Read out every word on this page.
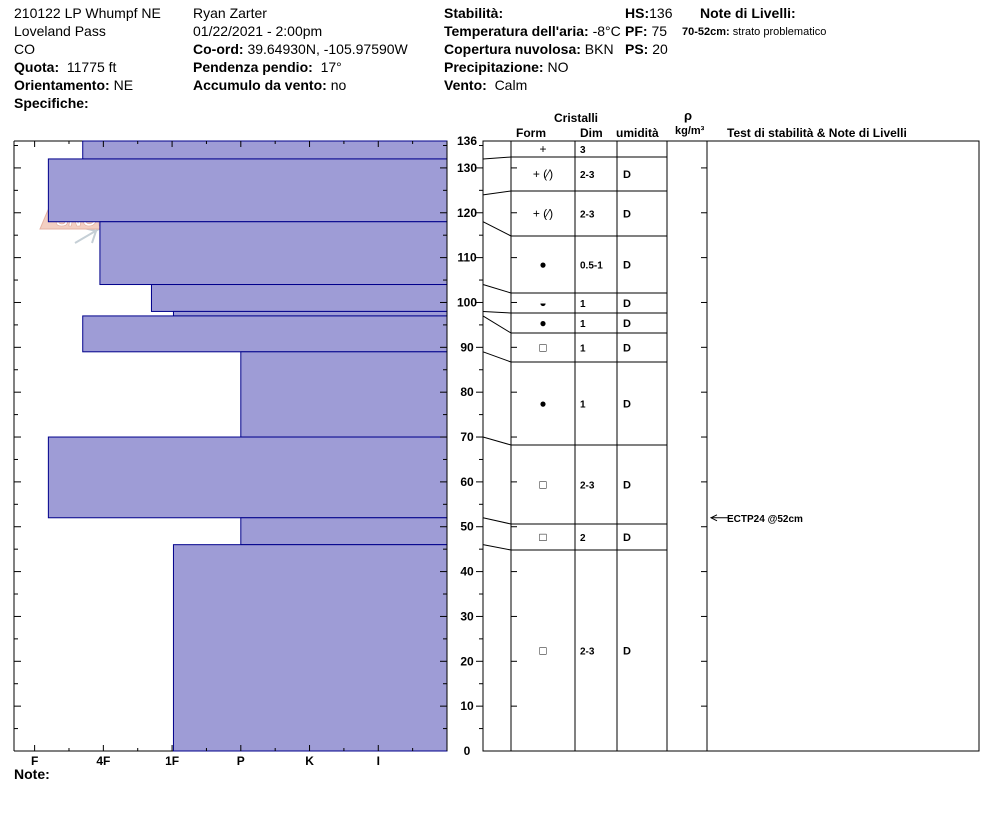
210122 LP Whumpf NE
Loveland Pass
CO
Quota: 11775 ft
Orientamento: NE
Specifiche:
Ryan Zarter
01/22/2021 - 2:00pm
Co-ord: 39.64930N, -105.97590W
Pendenza pendio: 17°
Accumulo da vento: no
Stabilità:
Temperatura dell'aria: -8°C
Copertura nuvolosa: BKN
Precipitazione: NO
Vento: Calm
HS:136
PF: 75
PS: 20
Note di Livelli:
70-52cm: strato problematico
I
K
P
1F
4F
F
0
10
20
30
40
50
60
70
80
90
100
110
120
130
136
+	3
+ (⁄)	2-3	D
+ (⁄)	2-3	D
●	0.5-1 D
◒	1	D
●	1	D
□	1	D
●	1	D
□	2-3	D
□	2	D
□	2-3	D
ECTP24 @52cm
Cristalli
Form	Dim umidità
ρ
kg/m³ Test di stabilità & Note di Livelli
Note:
